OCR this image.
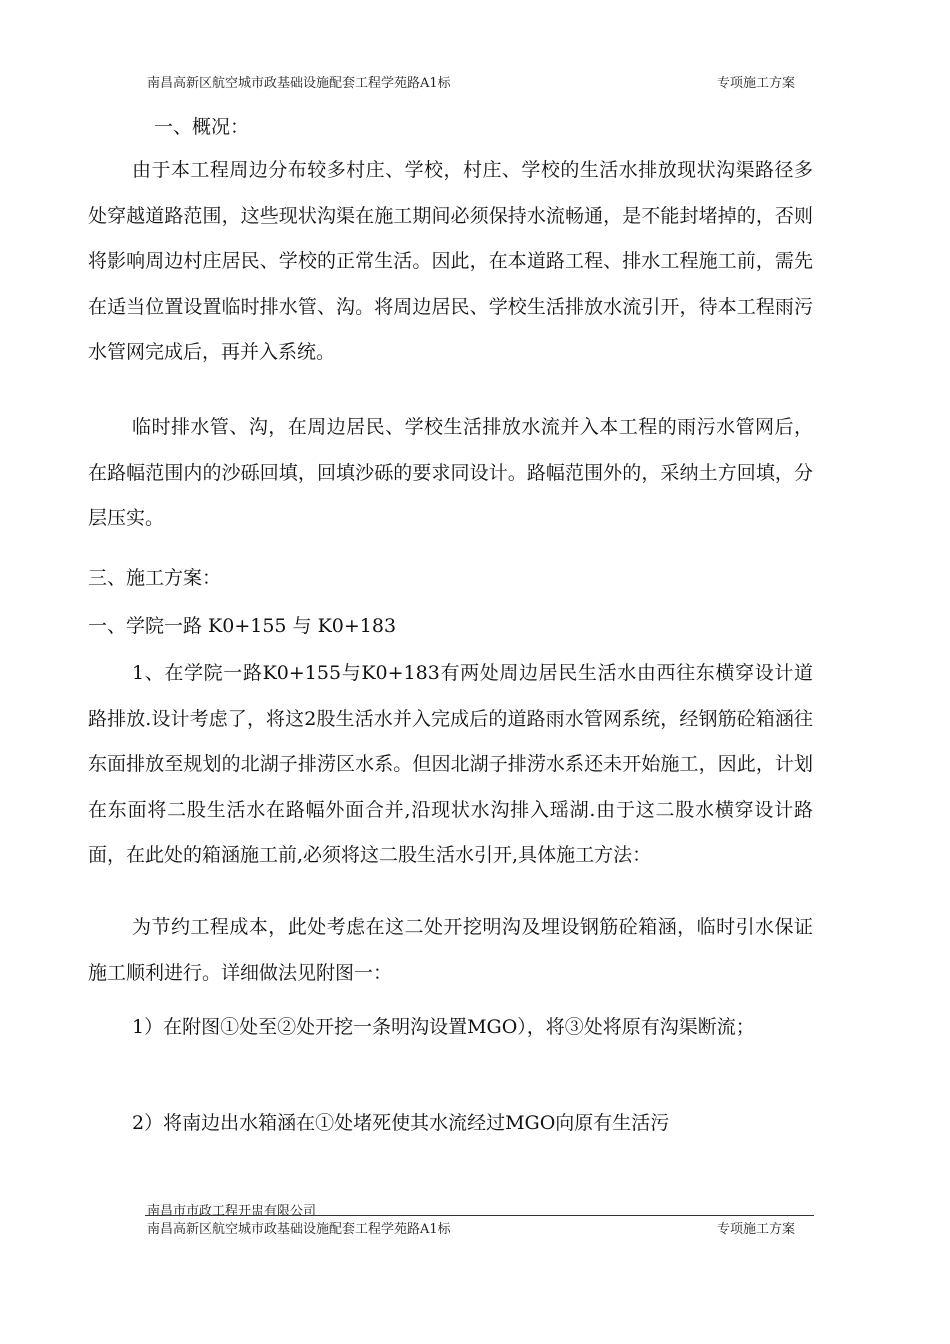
南昌高新区航空城市政基础设施配套工程学苑路A1标	专项施工方案
一、概况：
由于本工程周边分布较多村庄、学校，村庄、学校的生活水排放现状沟渠路径多处穿越道路范围，这些现状沟渠在施工期间必须保持水流畅通，是不能封堵掉的，否则将影响周边村庄居民、学校的正常生活。因此，在本道路工程、排水工程施工前，需先在适当位置设置临时排水管、沟。将周边居民、学校生活排放水流引开，待本工程雨污水管网完成后，再并入系统。
临时排水管、沟，在周边居民、学校生活排放水流并入本工程的雨污水管网后，在路幅范围内的沙砾回填，回填沙砾的要求同设计。路幅范围外的，采纳土方回填，分层压实。
三、施工方案：
一、学院一路 K0+155 与 K0+183
1、在学院一路K0+155与K0+183有两处周边居民生活水由西往东横穿设计道路排放.设计考虑了，将这2股生活水并入完成后的道路雨水管网系统，经钢筋砼箱涵往东面排放至规划的北湖子排涝区水系。但因北湖子排涝水系还未开始施工，因此，计划在东面将二股生活水在路幅外面合并,沿现状水沟排入瑶湖.由于这二股水横穿设计路面，在此处的箱涵施工前,必须将这二股生活水引开,具体施工方法：
为节约工程成本，此处考虑在这二处开挖明沟及埋设钢筋砼箱涵，临时引水保证施工顺利进行。详细做法见附图一：
1）在附图①处至②处开挖一条明沟设置MGO），将③处将原有沟渠断流；
2）将南边出水箱涵在①处堵死使其水流经过MGO向原有生活污
南昌市市政工程开盅有限公司
南昌高新区航空城市政基础设施配套工程学苑路A1标	专项施工方案
